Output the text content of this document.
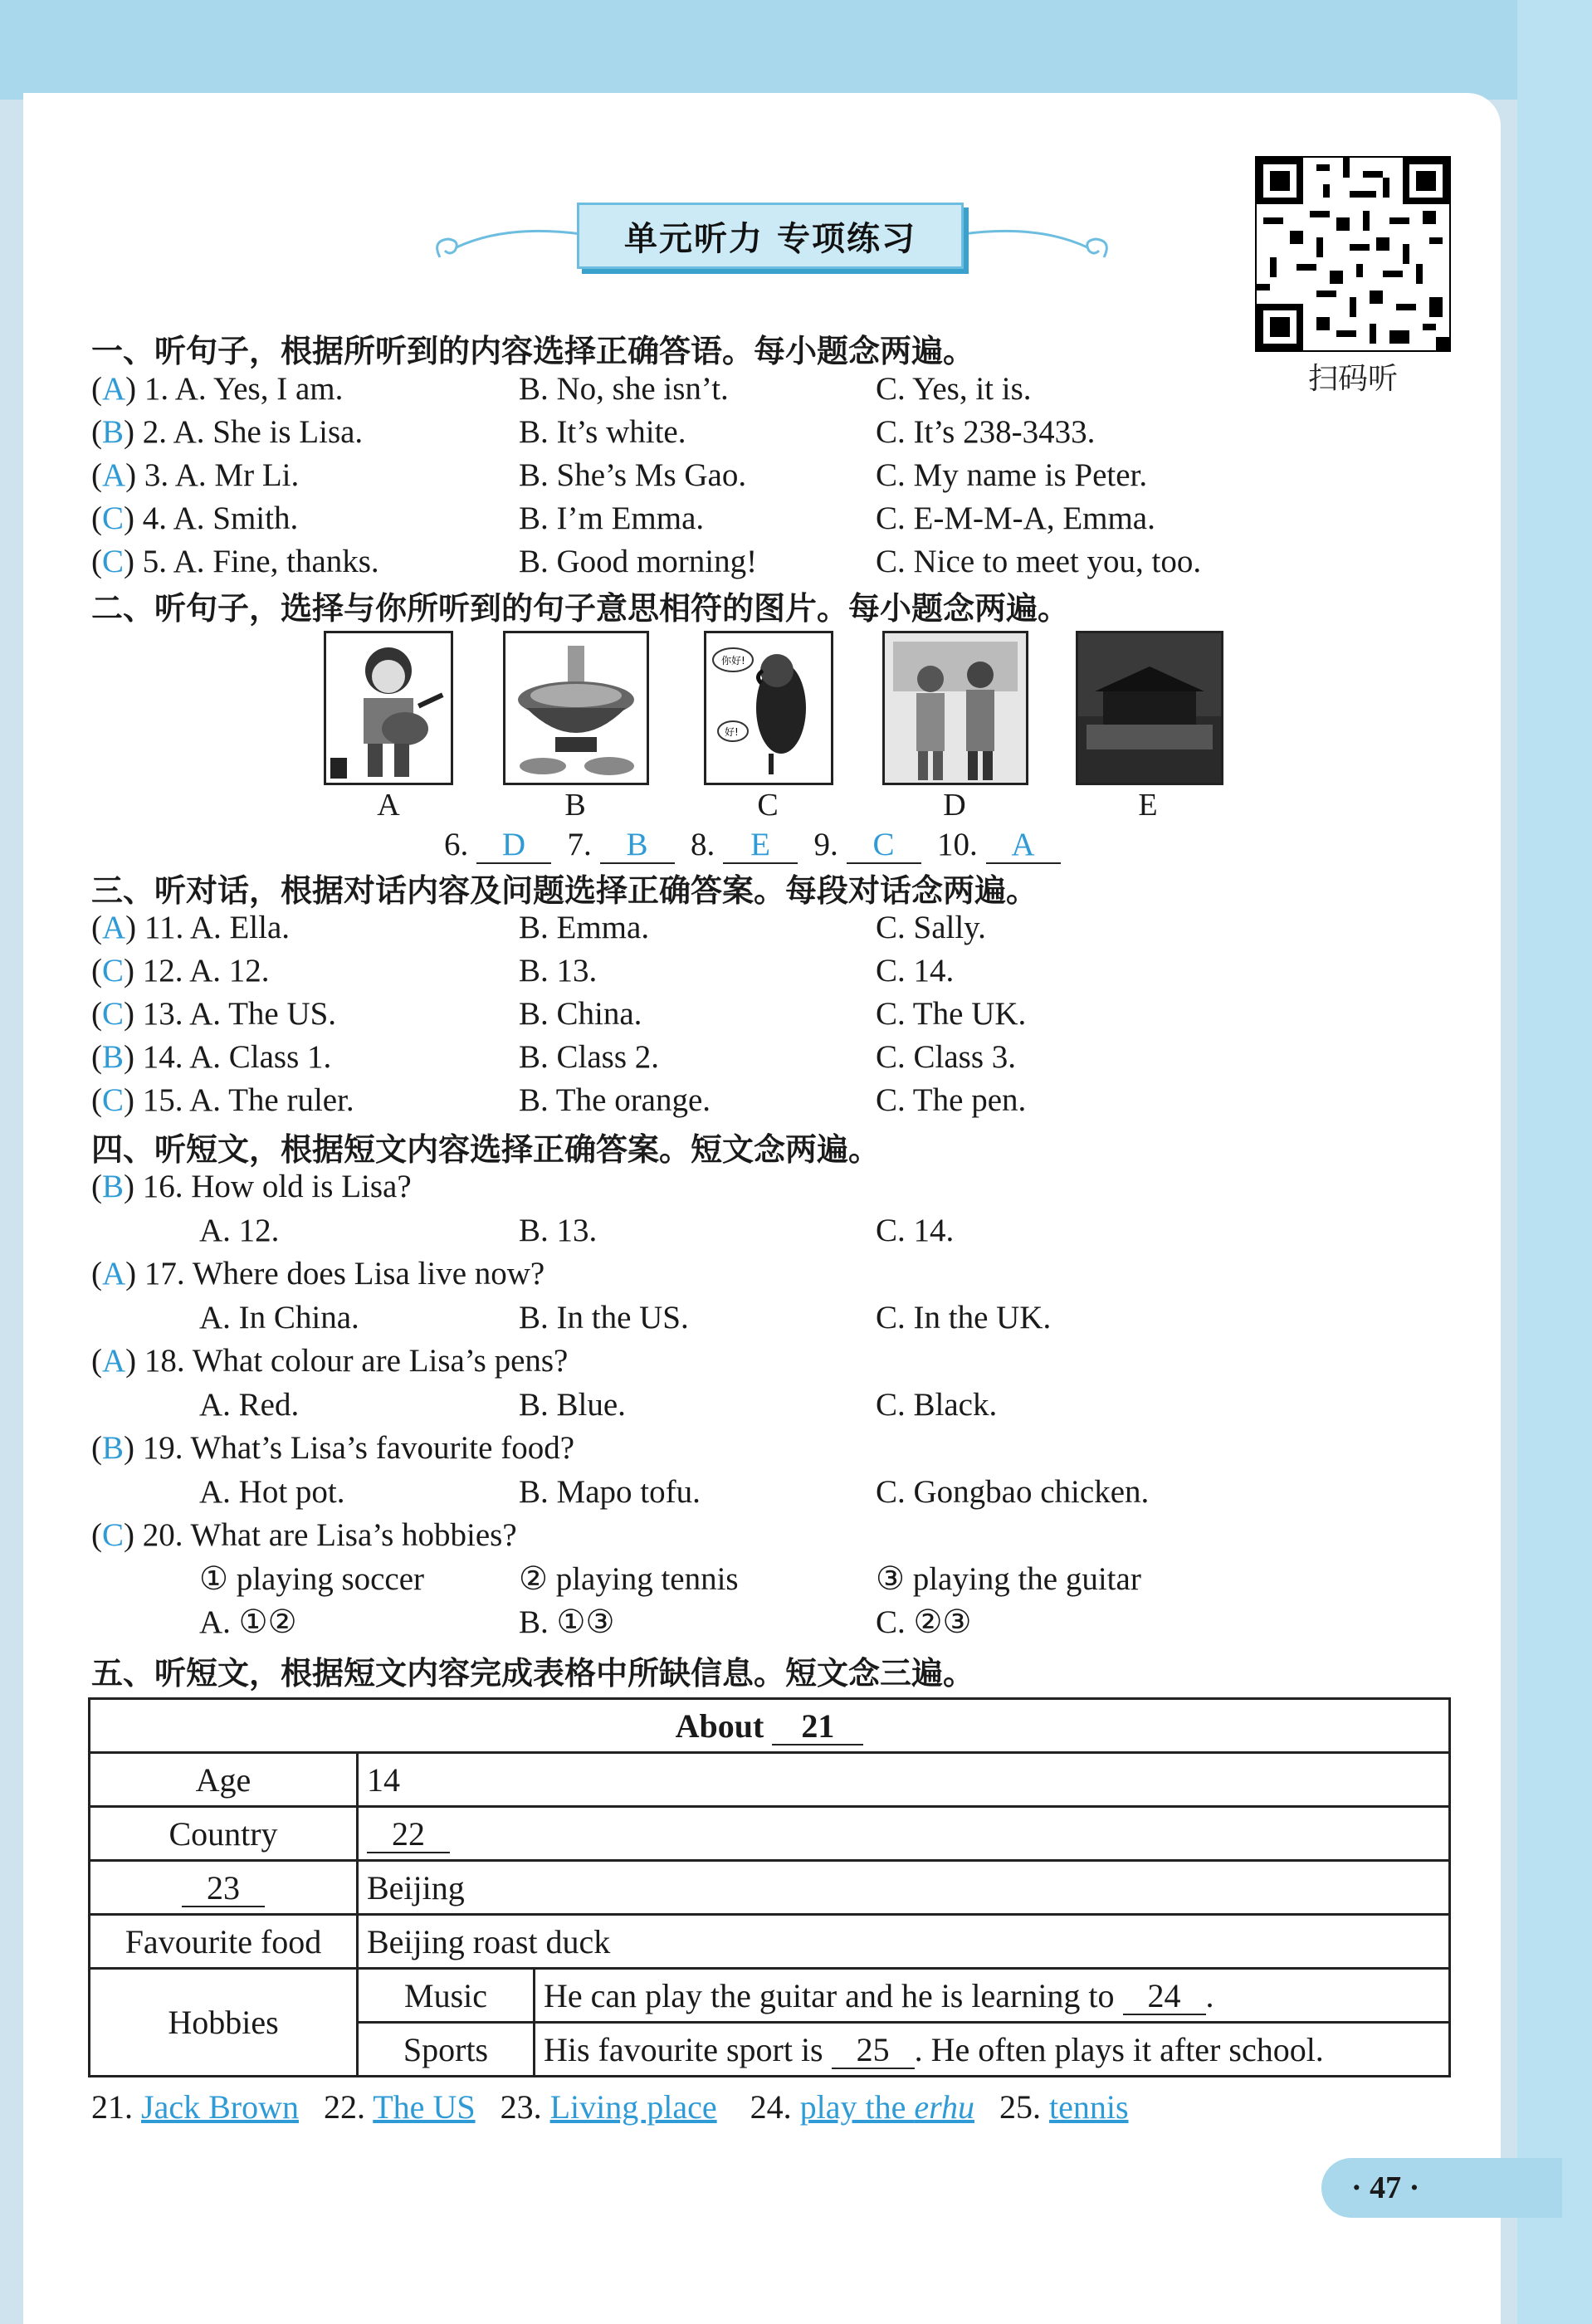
扫码听
单元听力 专项练习
一、听句子，根据所听到的内容选择正确答语。每小题念两遍。
(A) 1. A. Yes, I am.	B. No, she isn’t.	C. Yes, it is.
(B) 2. A. She is Lisa.	B. It’s white.	C. It’s 238-3433.
(A) 3. A. Mr Li.	B. She’s Ms Gao.	C. My name is Peter.
(C) 4. A. Smith.	B. I’m Emma.	C. E-M-M-A, Emma.
(C) 5. A. Fine, thanks.	B. Good morning!	C. Nice to meet you, too.
二、听句子，选择与你所听到的句子意思相符的图片。每小题念两遍。
你好!
好!
A	B	C	D	E
6. D 7. B 8. E 9. C 10. A
三、听对话，根据对话内容及问题选择正确答案。每段对话念两遍。
(A) 11. A. Ella.	B. Emma.	C. Sally.
(C) 12. A. 12.	B. 13.	C. 14.
(C) 13. A. The US.	B. China.	C. The UK.
(B) 14. A. Class 1.	B. Class 2.	C. Class 3.
(C) 15. A. The ruler.	B. The orange.	C. The pen.
四、听短文，根据短文内容选择正确答案。短文念两遍。
(B) 16. How old is Lisa?
A. 12.	B. 13.	C. 14.
(A) 17. Where does Lisa live now?
A. In China.	B. In the US.	C. In the UK.
(A) 18. What colour are Lisa’s pens?
A. Red.	B. Blue.	C. Black.
(B) 19. What’s Lisa’s favourite food?
A. Hot pot.	B. Mapo tofu.	C. Gongbao chicken.
(C) 20. What are Lisa’s hobbies?
① playing soccer	② playing tennis	③ playing the guitar
A. ①②	B. ①③	C. ②③
五、听短文，根据短文内容完成表格中所缺信息。短文念三遍。
About 21		
Age	14	
Country	22	
23	Beijing	
Favourite food	Beijing roast duck	
Hobbies	Music	He can play the guitar and he is learning to 24 .
	Sports	His favourite sport is 25 . He often plays it after school.
21. Jack Brown 22. The US 23. Living place 24. play the erhu 25. tennis
· 47 ·
